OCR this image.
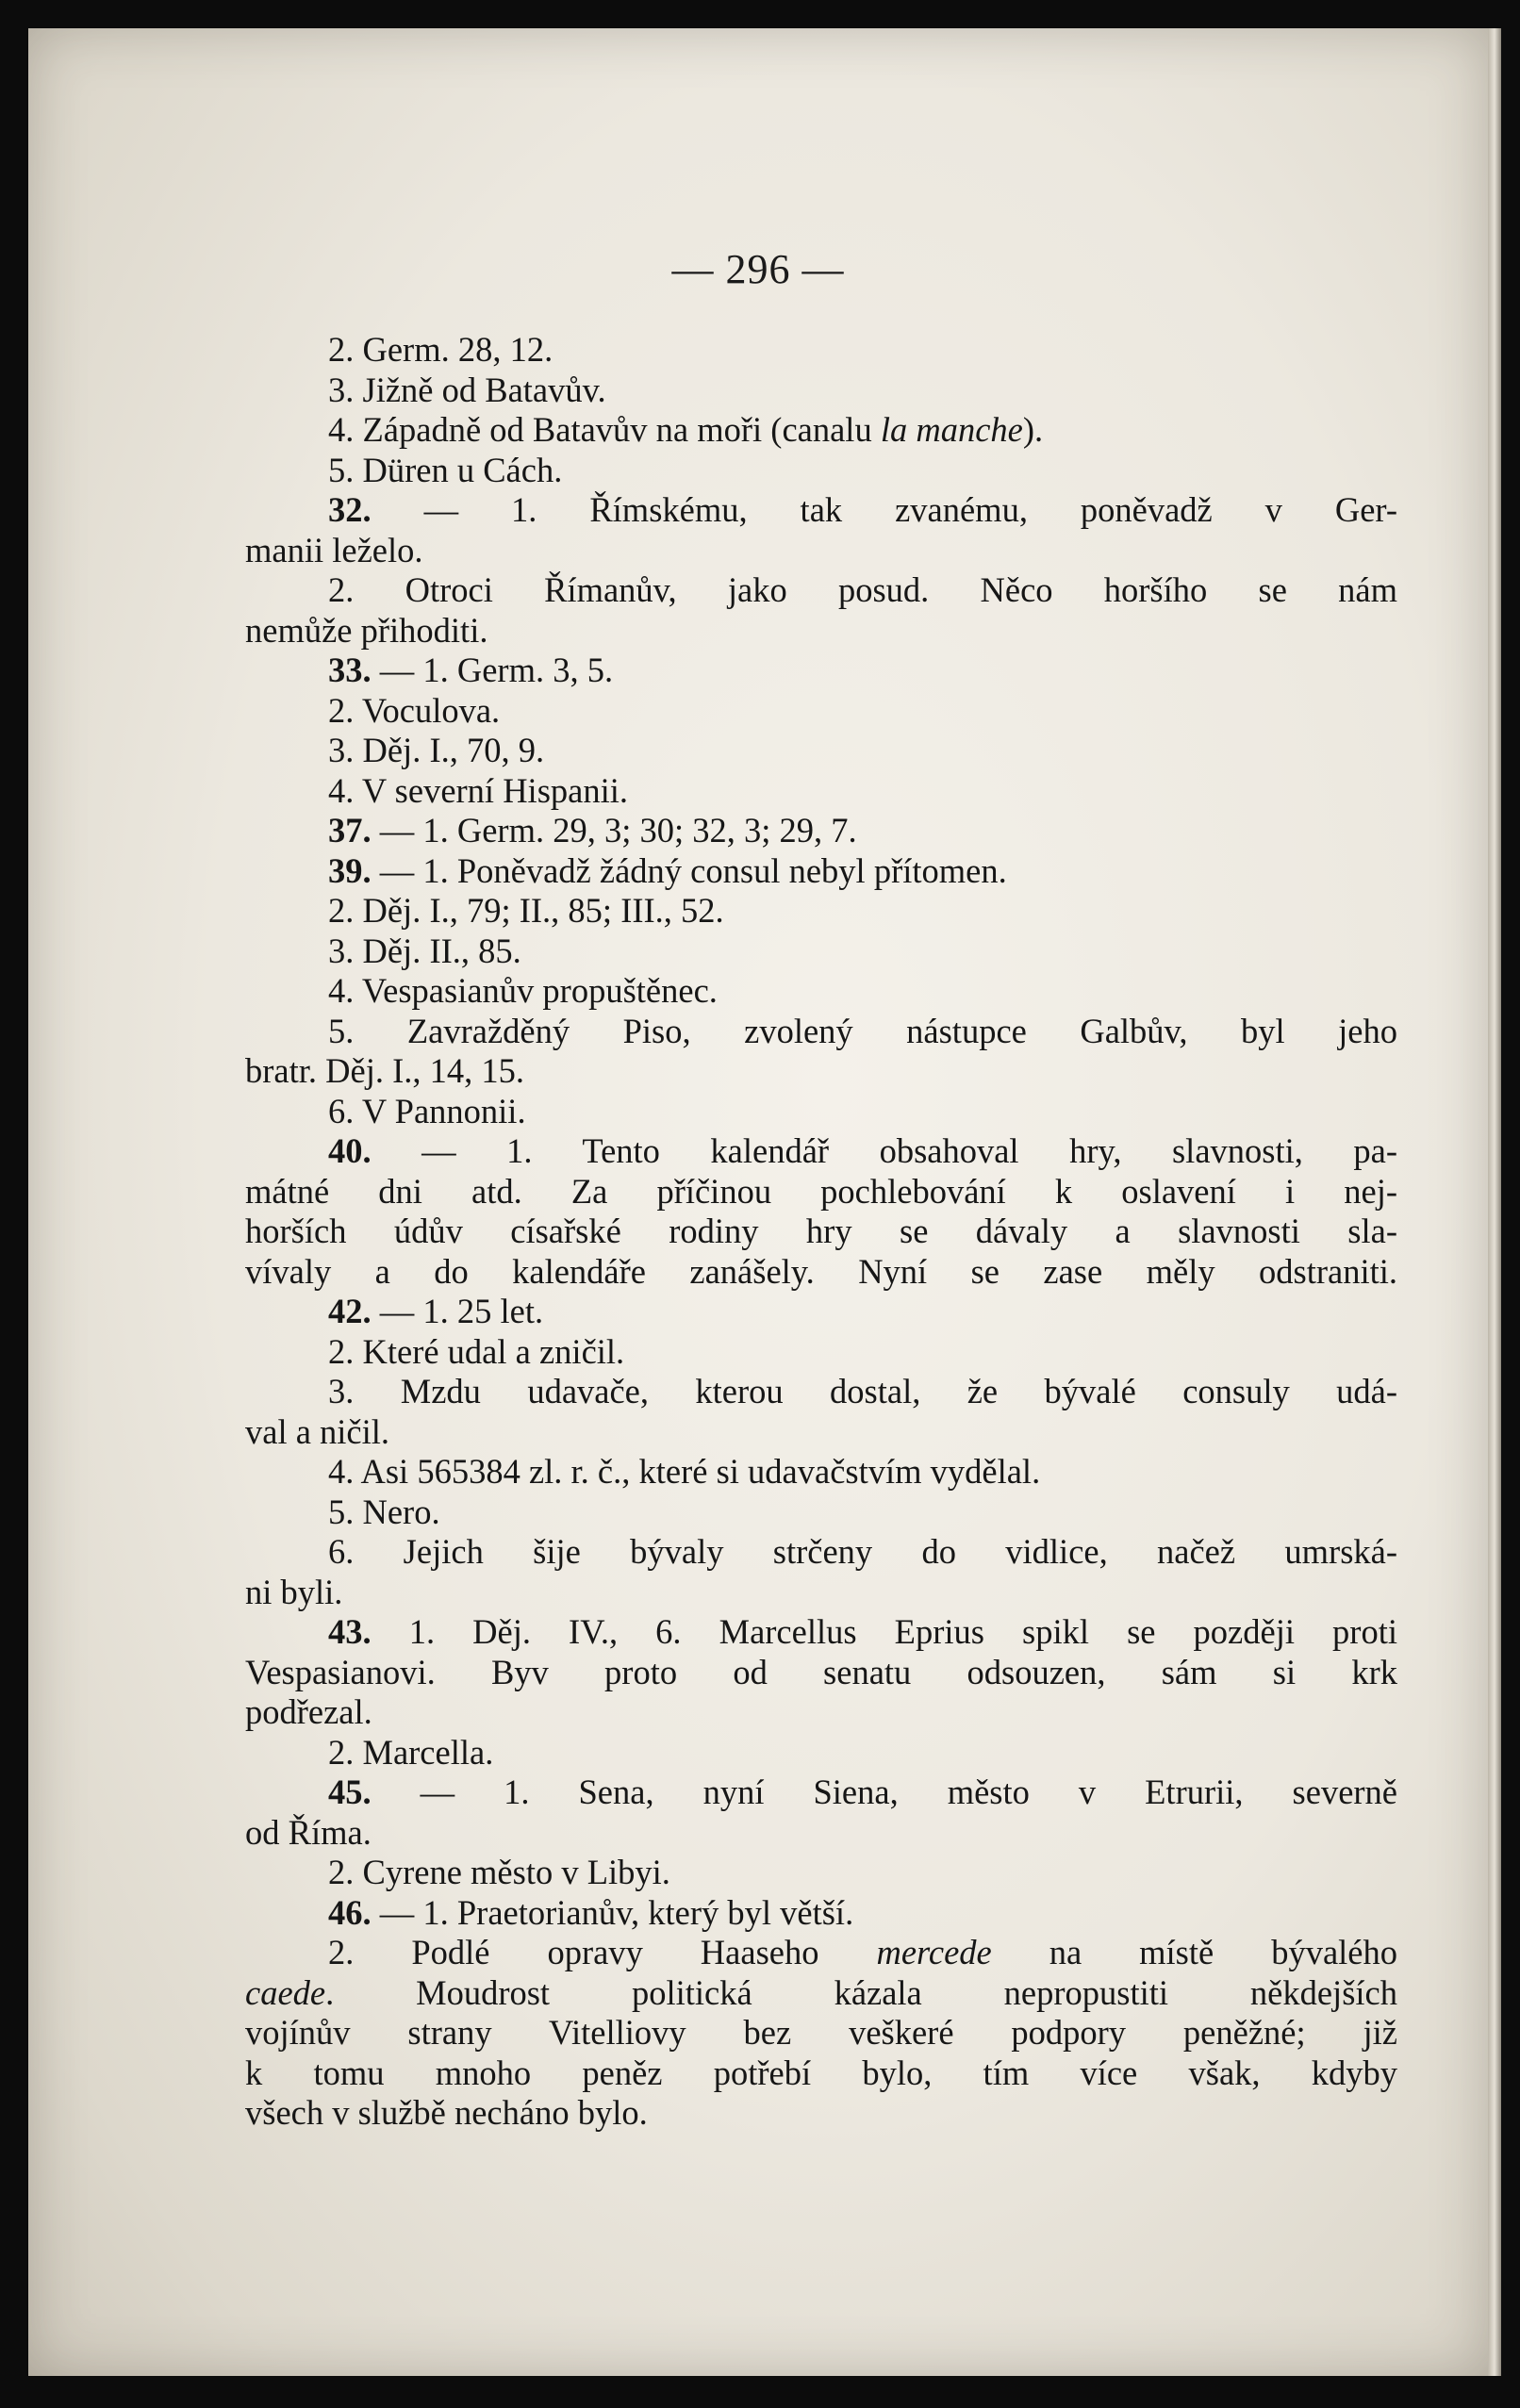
— 296 —
2. Germ. 28, 12.
3. Jižně od Batavův.
4. Západně od Batavův na moři (canalu la manche).
5. Düren u Cách.
32. — 1. Římskému, tak zvanému, poněvadž v Ger-
manii leželo.
2. Otroci Římanův, jako posud. Něco horšího se nám
nemůže přihoditi.
33. — 1. Germ. 3, 5.
2. Voculova.
3. Děj. I., 70, 9.
4. V severní Hispanii.
37. — 1. Germ. 29, 3; 30; 32, 3; 29, 7.
39. — 1. Poněvadž žádný consul nebyl přítomen.
2. Děj. I., 79; II., 85; III., 52.
3. Děj. II., 85.
4. Vespasianův propuštěnec.
5. Zavražděný Piso, zvolený nástupce Galbův, byl jeho
bratr. Děj. I., 14, 15.
6. V Pannonii.
40. — 1. Tento kalendář obsahoval hry, slavnosti, pa-
mátné dni atd. Za příčinou pochlebování k oslavení i nej-
horších údův císařské rodiny hry se dávaly a slavnosti sla-
vívaly a do kalendáře zanášely. Nyní se zase měly odstraniti.
42. — 1. 25 let.
2. Které udal a zničil.
3. Mzdu udavače, kterou dostal, že bývalé consuly udá-
val a ničil.
4. Asi 565384 zl. r. č., které si udavačstvím vydělal.
5. Nero.
6. Jejich šije bývaly strčeny do vidlice, načež umrská-
ni byli.
43. 1. Děj. IV., 6. Marcellus Eprius spikl se později proti
Vespasianovi. Byv proto od senatu odsouzen, sám si krk
podřezal.
2. Marcella.
45. — 1. Sena, nyní Siena, město v Etrurii, severně
od Říma.
2. Cyrene město v Libyi.
46. — 1. Praetorianův, který byl větší.
2. Podlé opravy Haaseho mercede na místě bývalého
caede. Moudrost politická kázala nepropustiti někdejších
vojínův strany Vitelliovy bez veškeré podpory peněžné; již
k tomu mnoho peněz potřebí bylo, tím více však, kdyby
všech v službě necháno bylo.
